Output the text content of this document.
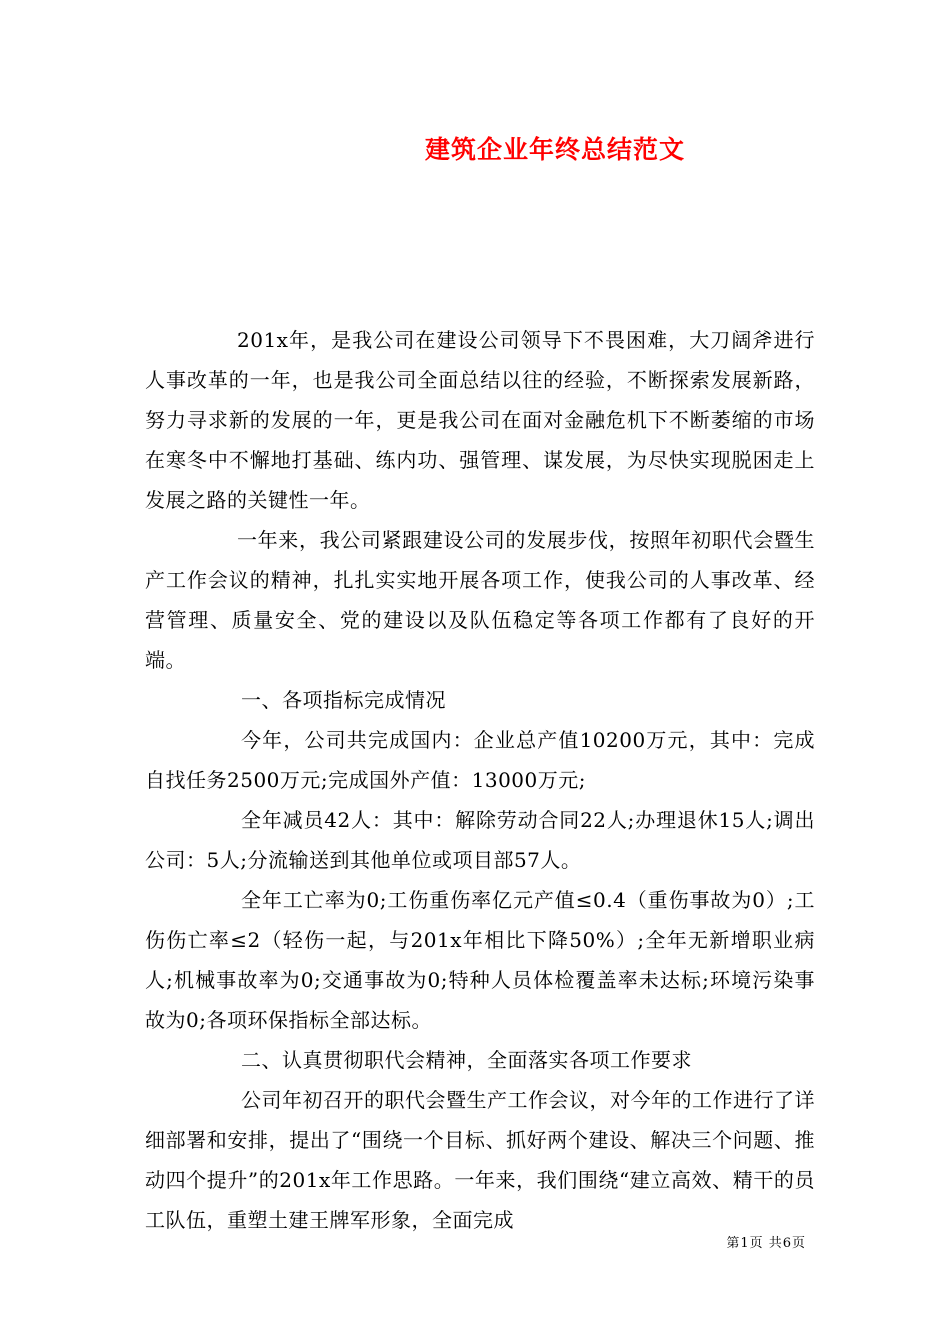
建筑企业年终总结范文

201x年，是我公司在建设公司领导下不畏困难，大刀阔斧进行人事改革的一年，也是我公司全面总结以往的经验，不断探索发展新路，努力寻求新的发展的一年，更是我公司在面对金融危机下不断萎缩的市场在寒冬中不懈地打基础、练内功、强管理、谋发展，为尽快实现脱困走上发展之路的关键性一年。

一年来，我公司紧跟建设公司的发展步伐，按照年初职代会暨生产工作会议的精神，扎扎实实地开展各项工作，使我公司的人事改革、经营管理、质量安全、党的建设以及队伍稳定等各项工作都有了良好的开端。

一、各项指标完成情况

今年，公司共完成国内：企业总产值10200万元，其中：完成自找任务2500万元;完成国外产值：13000万元;

全年减员42人：其中：解除劳动合同22人;办理退休15人;调出公司：5人;分流输送到其他单位或项目部57人。

全年工亡率为0;工伤重伤率亿元产值≤0.4（重伤事故为0）;工伤伤亡率≤2（轻伤一起，与201x年相比下降50%）;全年无新增职业病人;机械事故率为0;交通事故为0;特种人员体检覆盖率未达标;环境污染事故为0;各项环保指标全部达标。

二、认真贯彻职代会精神，全面落实各项工作要求

公司年初召开的职代会暨生产工作会议，对今年的工作进行了详细部署和安排，提出了“围绕一个目标、抓好两个建设、解决三个问题、推动四个提升”的201x年工作思路。一年来，我们围绕“建立高效、精干的员工队伍，重塑土建王牌军形象，全面完成

第1页 共6页
